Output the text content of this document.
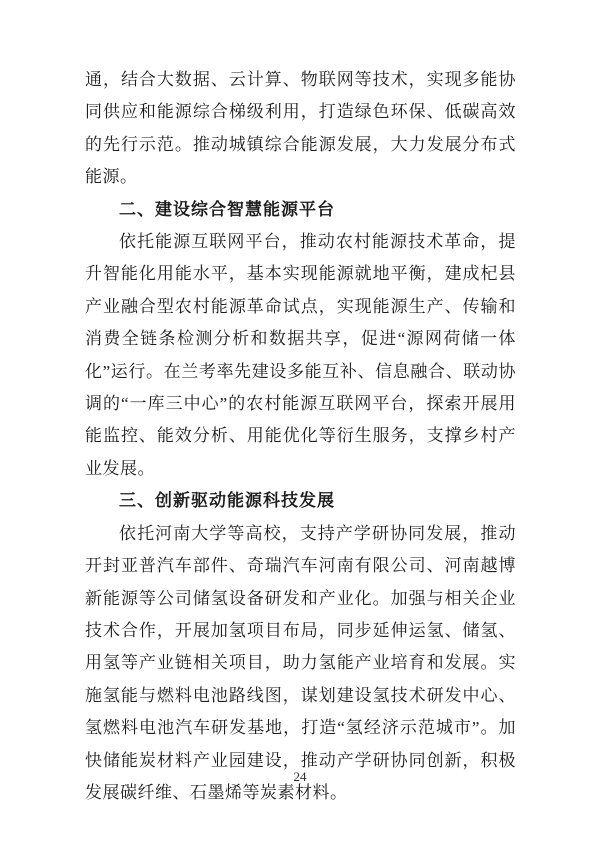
通，结合大数据、云计算、物联网等技术，实现多能协同供应和能源综合梯级利用，打造绿色环保、低碳高效的先行示范。推动城镇综合能源发展，大力发展分布式能源。

二、建设综合智慧能源平台

依托能源互联网平台，推动农村能源技术革命，提升智能化用能水平，基本实现能源就地平衡，建成杞县产业融合型农村能源革命试点，实现能源生产、传输和消费全链条检测分析和数据共享，促进“源网荷储一体化”运行。在兰考率先建设多能互补、信息融合、联动协调的“一库三中心”的农村能源互联网平台，探索开展用能监控、能效分析、用能优化等衍生服务，支撑乡村产业发展。

三、创新驱动能源科技发展

依托河南大学等高校，支持产学研协同发展，推动开封亚普汽车部件、奇瑞汽车河南有限公司、河南越博新能源等公司储氢设备研发和产业化。加强与相关企业技术合作，开展加氢项目布局，同步延伸运氢、储氢、用氢等产业链相关项目，助力氢能产业培育和发展。实施氢能与燃料电池路线图，谋划建设氢技术研发中心、氢燃料电池汽车研发基地，打造“氢经济示范城市”。加快储能炭材料产业园建设，推动产学研协同创新，积极发展碳纤维、石墨烯等炭素材料。

24
